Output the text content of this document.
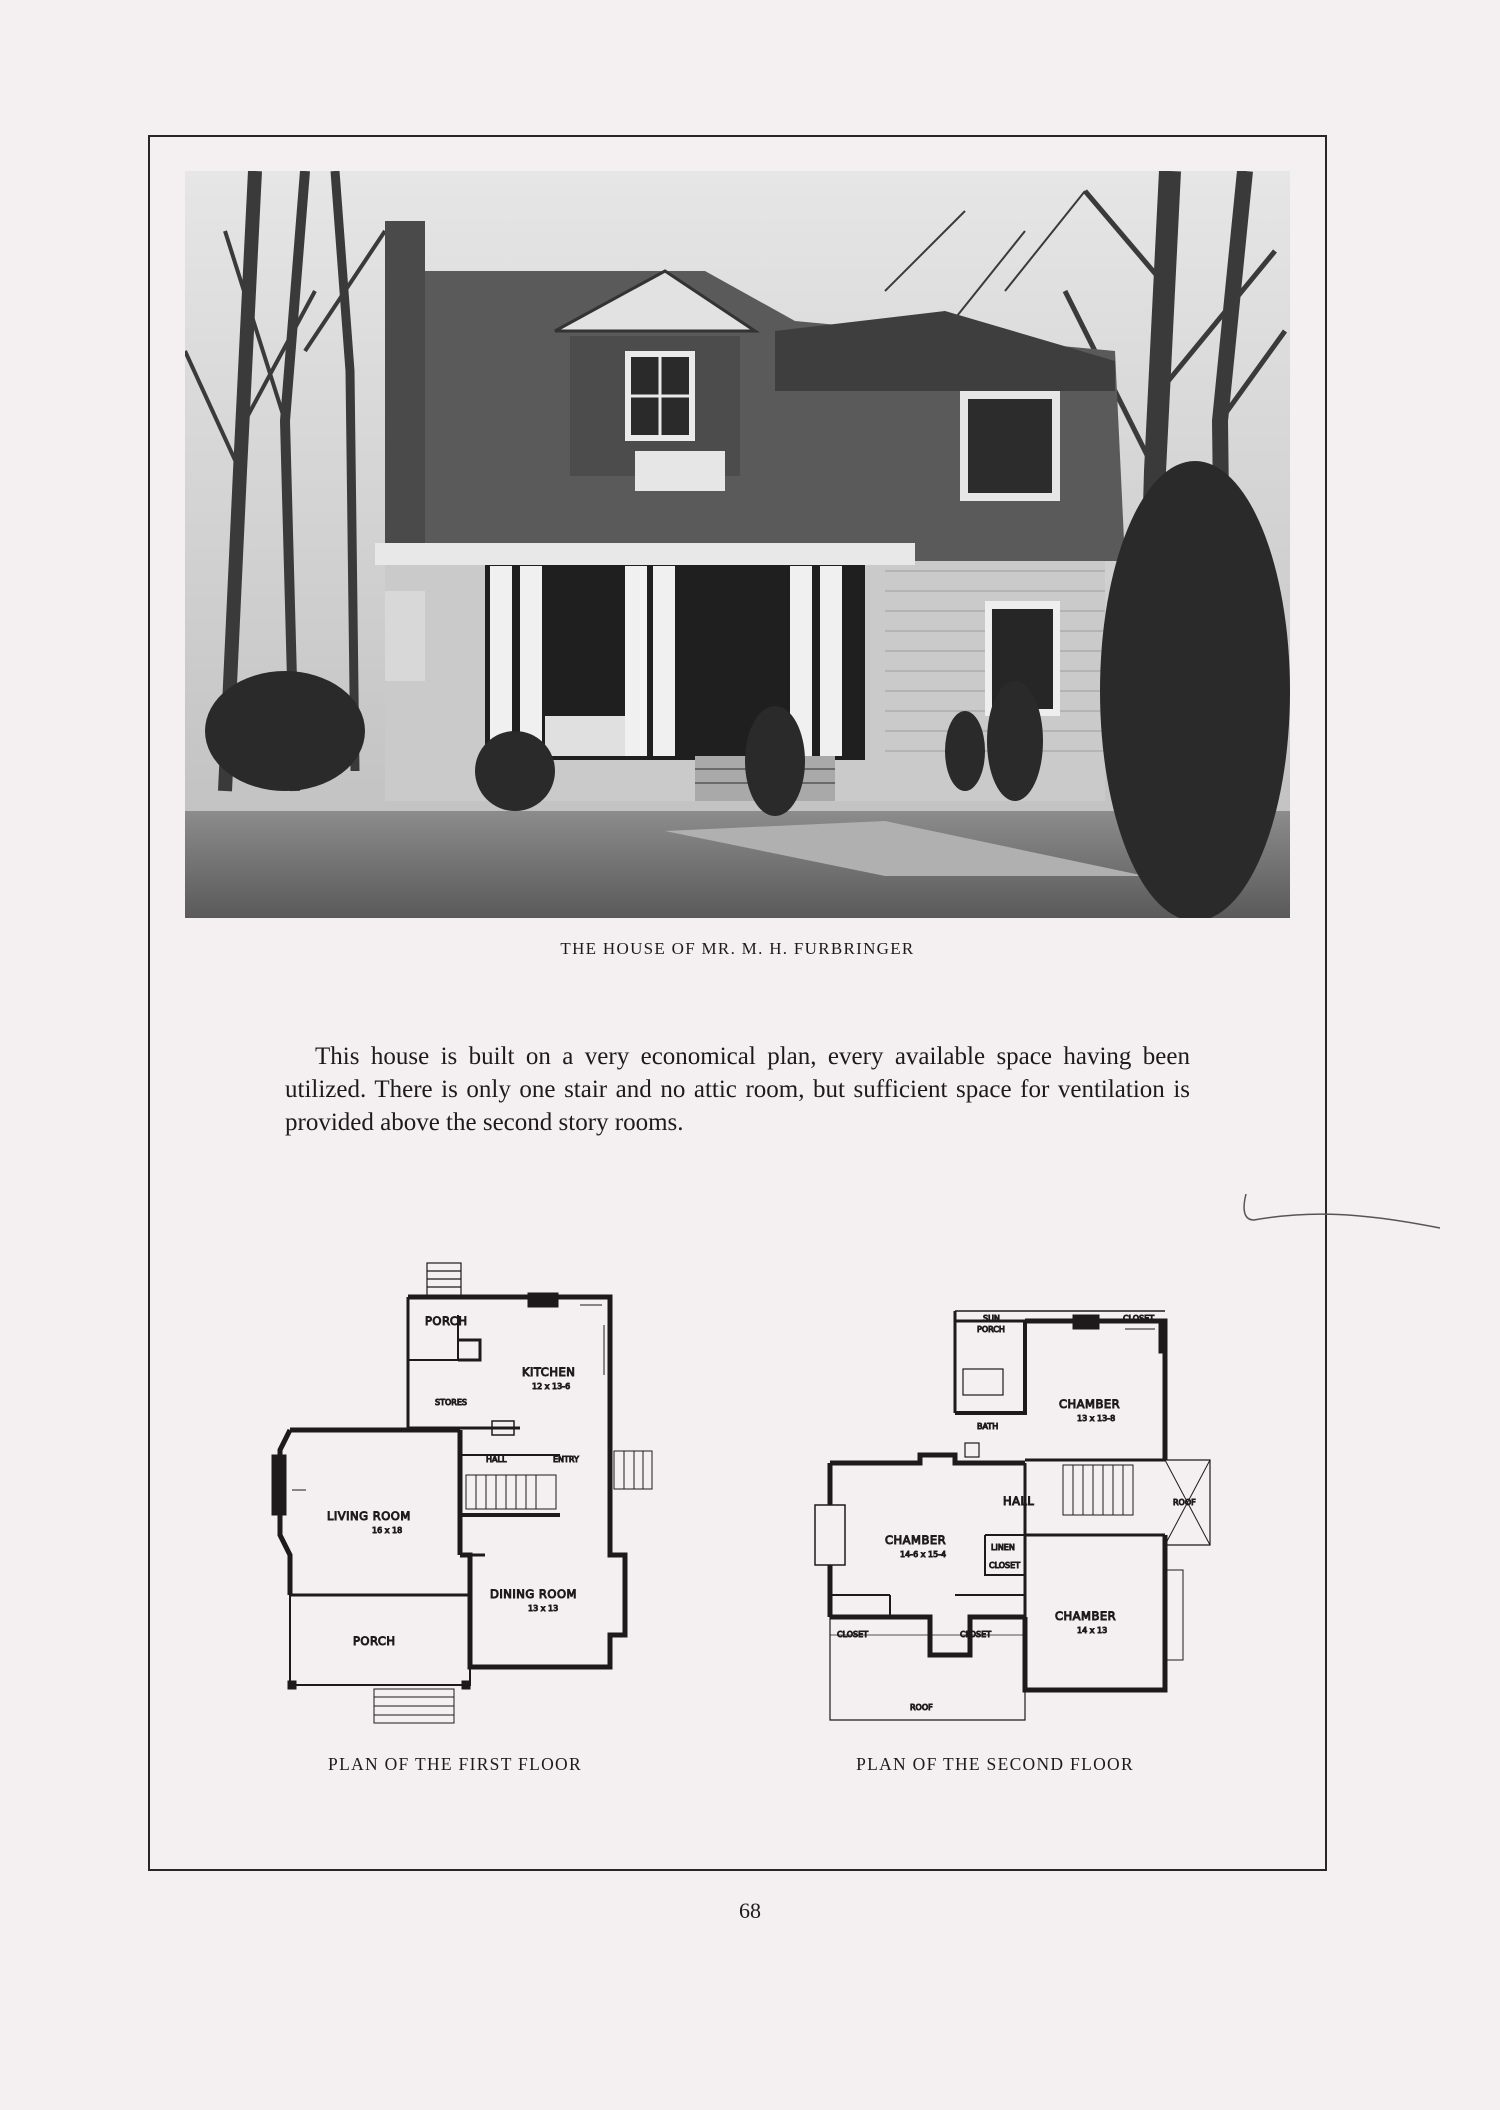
THE HOUSE OF MR. M. H. FURBRINGER

This house is built on a very economical plan, every available space having been utilized. There is only one stair and no attic room, but sufficient space for ventilation is provided above the second story rooms.

PORCH
KITCHEN
12 x 13-6
STORES
HALL	ENTRY
LIVING ROOM
16 x 18
DINING ROOM
13 x 13
PORCH
PLAN OF THE FIRST FLOOR
SUN
PORCH
CLOSET
BATH
CHAMBER
13 x 13-8
HALL	ROOF
CHAMBER
14-6 x 15-4
LINEN
CLOSET
CHAMBER
14 x 13
CLOSET	CLOSET
ROOF
PLAN OF THE SECOND FLOOR
68
